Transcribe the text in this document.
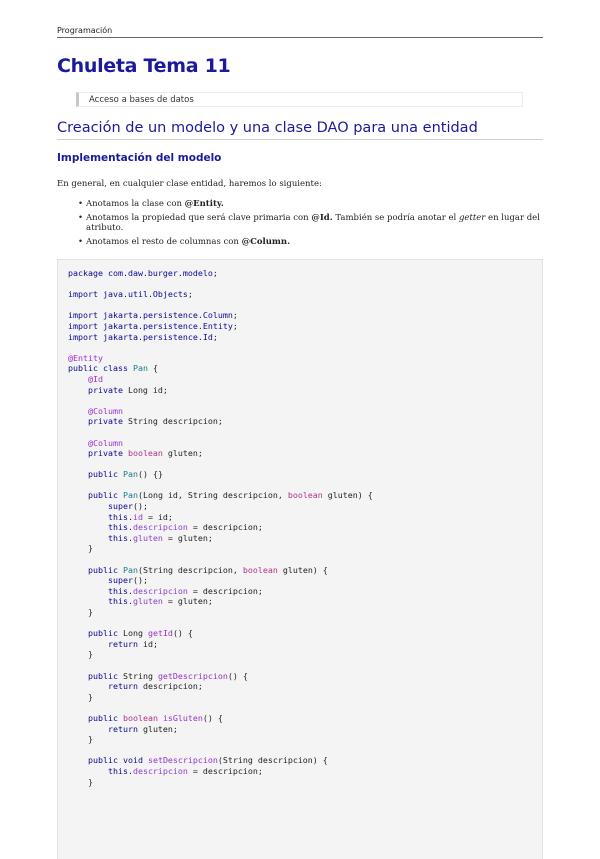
Programación
Chuleta Tema 11
Acceso a bases de datos
Creación de un modelo y una clase DAO para una entidad
Implementación del modelo
En general, en cualquier clase entidad, haremos lo siguiente:
• Anotamos la clase con @Entity.
• Anotamos la propiedad que será clave primaria con @Id. También se podría anotar el getter en lugar del atributo.
• Anotamos el resto de columnas con @Column.
package com.daw.burger.modelo;

import java.util.Objects;

import jakarta.persistence.Column;
import jakarta.persistence.Entity;
import jakarta.persistence.Id;

@Entity
public class Pan {
@Id
private Long id;

@Column
private String descripcion;

@Column
private boolean gluten;

public Pan() {}

public Pan(Long id, String descripcion, boolean gluten) {
super();
this.id = id;
this.descripcion = descripcion;
this.gluten = gluten;
}

public Pan(String descripcion, boolean gluten) {
super();
this.descripcion = descripcion;
this.gluten = gluten;
}

public Long getId() {
return id;
}

public String getDescripcion() {
return descripcion;
}

public boolean isGluten() {
return gluten;
}

public void setDescripcion(String descripcion) {
this.descripcion = descripcion;
}
